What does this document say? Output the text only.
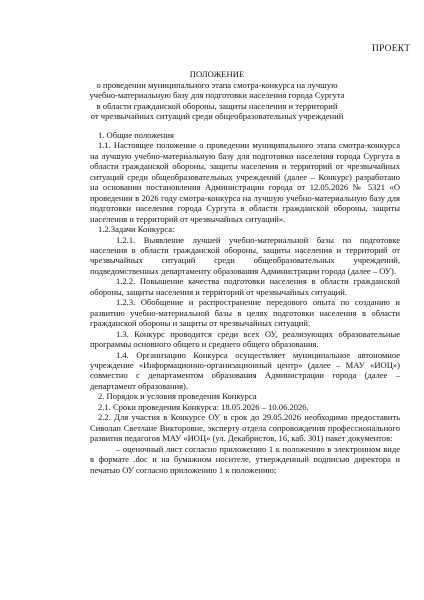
ПРОЕКТ
ПОЛОЖЕНИЕ
о проведении муниципального этапа смотра-конкурса на лучшую
учебно-материальную базу для подготовки населения города Сургута
в области гражданской обороны, защиты населения и территорий
от чрезвычайных ситуаций среди общеобразовательных учреждений

1. Общие положения

1.1. Настоящее положение о проведении муниципального этапа смотра-конкурса на лучшую учебно-материальную базу для подготовки населения города Сургута в области гражданской обороны, защиты населения и территорий от чрезвычайных ситуаций среди общеобразовательных учреждений (далее – Конкурс) разработано на основании постановления Администрации города от 12.05.2026 № 5321 «О проведении в 2026 году смотра-конкурса на лучшую учебно-материальную базу для подготовки населения города Сургута в области гражданской обороны, защиты населения и территорий от чрезвычайных ситуаций».

1.2.Задачи Конкурса:

1.2.1. Выявление лучшей учебно-материальной базы по подготовке населения в области гражданской обороны, защиты населения и территорий от чрезвычайных ситуаций среди общеобразовательных учреждений, подведомственных департаменту образования Администрации города (далее – ОУ).

1.2.2. Повышение качества подготовки населения в области гражданской обороны, защиты населения и территорий от чрезвычайных ситуаций.

1.2.3. Обобщение и распространение передового опыта по созданию и развитию учебно-материальной базы в целях подготовки населения в области гражданской обороны и защиты от чрезвычайных ситуаций.

1.3. Конкурс проводится среди всех ОУ, реализующих образовательные программы основного общего и среднего общего образования.

1.4. Организацию Конкурса осуществляет муниципальное автономное учреждение «Информационно-организационный центр» (далее – МАУ «ИОЦ») совместно с департаментом образования Администрации города (далее – департамент образования).

2. Порядок и условия проведения Конкурса

2.1. Сроки проведения Конкурса: 18.05.2026 – 10.06.2026.

2.2. Для участия в Конкурсе ОУ в срок до 29.05.2026 необходимо предоставить Сиволап Светлане Викторовне, эксперту отдела сопровождения профессионального развития педагогов МАУ «ИОЦ» (ул. Декабристов, 16, каб. 301) пакет документов:

– оценочный лист согласно приложению 1 к положению в электронном виде в формате .doc и на бумажном носителе, утвержденный подписью директора и печатью ОУ согласно приложению 1 к положению;
